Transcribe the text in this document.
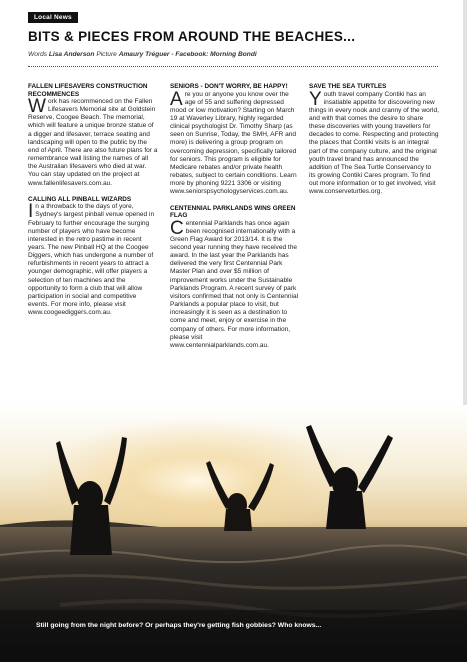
Local News
BITS & PIECES FROM AROUND THE BEACHES...
Words Lisa Anderson Picture Amaury Tréguer - Facebook: Morning Bondi

FALLEN LIFESAVERS CONSTRUCTION RECOMMENCES

Work has recommenced on the Fallen Lifesavers Memorial site at Goldstein Reserve, Coogee Beach. The memorial, which will feature a unique bronze statue of a digger and lifesaver, terrace seating and landscaping will open to the public by the end of April. There are also future plans for a remembrance wall listing the names of all the Australian lifesavers who died at war. You can stay updated on the project at www.fallenlifesavers.com.au.

CALLING ALL PINBALL WIZARDS

In a throwback to the days of yore, Sydney's largest pinball venue opened in February to further encourage the surging number of players who have become interested in the retro pastime in recent years. The new Pinball HQ at the Coogee Diggers, which has undergone a number of refurbishments in recent years to attract a younger demographic, will offer players a selection of ten machines and the opportunity to form a club that will allow participation in social and competitive events. For more info, please visit www.coogeediggers.com.au.

SENIORS - DON'T WORRY, BE HAPPY!

Are you or anyone you know over the age of 55 and suffering depressed mood or low motivation? Starting on March 19 at Waverley Library, highly regarded clinical psychologist Dr. Timothy Sharp (as seen on Sunrise, Today, the SMH, AFR and more) is delivering a group program on overcoming depression, specifically tailored for seniors. This program is eligible for Medicare rebates and/or private health rebates, subject to certain conditions. Learn more by phoning 9221 3306 or visiting www.seniorspsychologyservices.com.au.

CENTENNIAL PARKLANDS WINS GREEN FLAG

Centennial Parklands has once again been recognised internationally with a Green Flag Award for 2013/14. It is the second year running they have received the award. In the last year the Parklands has delivered the very first Centennial Park Master Plan and over $5 million of improvement works under the Sustainable Parklands Program. A recent survey of park visitors confirmed that not only is Centennial Parklands a popular place to visit, but increasingly it is seen as a destination to come and meet, enjoy or exercise in the company of others. For more information, please visit www.centennialparklands.com.au.

SAVE THE SEA TURTLES

Youth travel company Contiki has an insatiable appetite for discovering new things in every nook and cranny of the world, and with that comes the desire to share these discoveries with young travellers for decades to come. Respecting and protecting the places that Contiki visits is an integral part of the company culture, and the original youth travel brand has announced the addition of The Sea Turtle Conservancy to its growing Contiki Cares program. To find out more information or to get involved, visit www.conserveturtles.org.

Still going from the night before? Or perhaps they're getting fish gobbies? Who knows...
